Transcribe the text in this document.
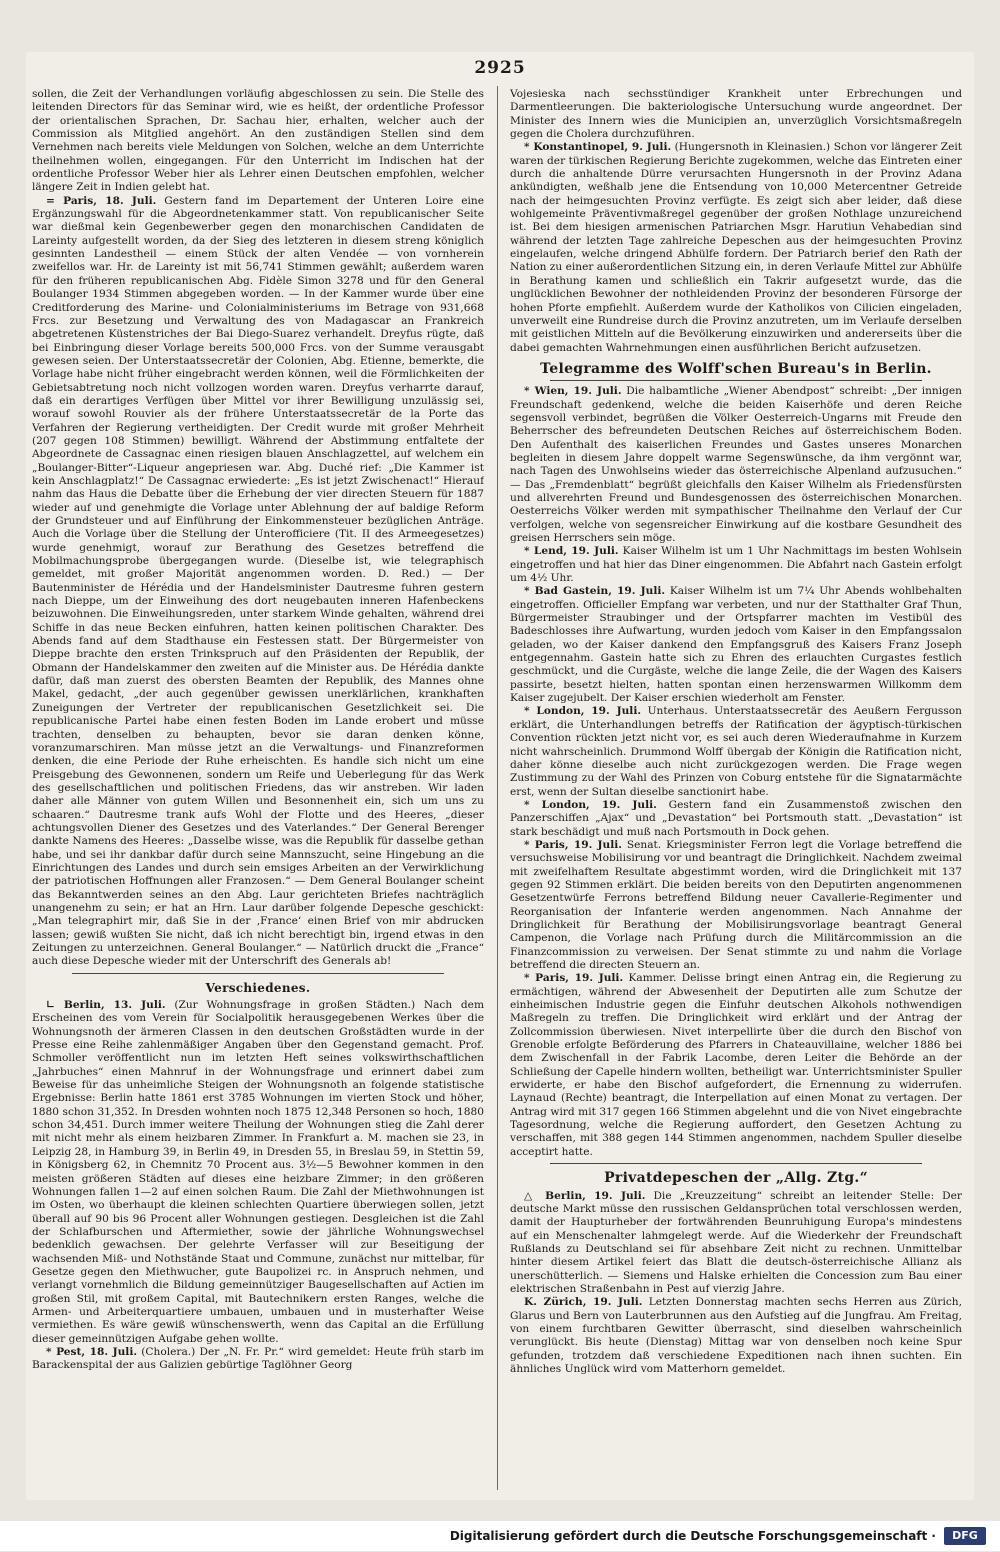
2925

sollen, die Zeit der Verhandlungen vorläufig abgeschlossen zu sein. Die Stelle des leitenden Directors für das Seminar wird, wie es heißt, der ordentliche Professor der orientalischen Sprachen, Dr. Sachau hier, erhalten, welcher auch der Commission als Mitglied angehört. An den zuständigen Stellen sind dem Vernehmen nach bereits viele Meldungen von Solchen, welche an dem Unterrichte theilnehmen wollen, eingegangen. Für den Unterricht im Indischen hat der ordentliche Professor Weber hier als Lehrer einen Deutschen empfohlen, welcher längere Zeit in Indien gelebt hat.

= Paris, 18. Juli. Gestern fand im Departement der Unteren Loire eine Ergänzungswahl für die Abgeordnetenkammer statt. Von republicanischer Seite war dießmal kein Gegenbewerber gegen den monarchischen Candidaten de Lareinty aufgestellt worden, da der Sieg des letzteren in diesem streng königlich gesinnten Landestheil — einem Stück der alten Vendée — von vornherein zweifellos war. Hr. de Lareinty ist mit 56,741 Stimmen gewählt; außerdem waren für den früheren republicanischen Abg. Fidèle Simon 3278 und für den General Boulanger 1934 Stimmen abgegeben worden. — In der Kammer wurde über eine Creditforderung des Marine- und Colonialministeriums im Betrage von 931,668 Frcs. zur Besetzung und Verwaltung des von Madagascar an Frankreich abgetretenen Küstenstriches der Bai Diego-Suarez verhandelt. Dreyfus rügte, daß bei Einbringung dieser Vorlage bereits 500,000 Frcs. von der Summe verausgabt gewesen seien. Der Unterstaatssecretär der Colonien, Abg. Etienne, bemerkte, die Vorlage habe nicht früher eingebracht werden können, weil die Förmlichkeiten der Gebietsabtretung noch nicht vollzogen worden waren. Dreyfus verharrte darauf, daß ein derartiges Verfügen über Mittel vor ihrer Bewilligung unzulässig sei, worauf sowohl Rouvier als der frühere Unterstaatssecretär de la Porte das Verfahren der Regierung vertheidigten. Der Credit wurde mit großer Mehrheit (207 gegen 108 Stimmen) bewilligt. Während der Abstimmung entfaltete der Abgeordnete de Cassagnac einen riesigen blauen Anschlagzettel, auf welchem ein „Boulanger-Bitter“-Liqueur angepriesen war. Abg. Duché rief: „Die Kammer ist kein Anschlagplatz!“ De Cassagnac erwiederte: „Es ist jetzt Zwischenact!“ Hierauf nahm das Haus die Debatte über die Erhebung der vier directen Steuern für 1887 wieder auf und genehmigte die Vorlage unter Ablehnung der auf baldige Reform der Grundsteuer und auf Einführung der Einkommensteuer bezüglichen Anträge. Auch die Vorlage über die Stellung der Unterofficiere (Tit. II des Armeegesetzes) wurde genehmigt, worauf zur Berathung des Gesetzes betreffend die Mobilmachungsprobe übergegangen wurde. (Dieselbe ist, wie telegraphisch gemeldet, mit großer Majorität angenommen worden. D. Red.) — Der Bautenminister de Hérédia und der Handelsminister Dautresme fuhren gestern nach Dieppe, um der Einweihung des dort neugebauten inneren Hafenbeckens beizuwohnen. Die Einweihungsreden, unter starkem Winde gehalten, während drei Schiffe in das neue Becken einfuhren, hatten keinen politischen Charakter. Des Abends fand auf dem Stadthause ein Festessen statt. Der Bürgermeister von Dieppe brachte den ersten Trinkspruch auf den Präsidenten der Republik, der Obmann der Handelskammer den zweiten auf die Minister aus. De Hérédia dankte dafür, daß man zuerst des obersten Beamten der Republik, des Mannes ohne Makel, gedacht, „der auch gegenüber gewissen unerklärlichen, krankhaften Zuneigungen der Vertreter der republicanischen Gesetzlichkeit sei. Die republicanische Partei habe einen festen Boden im Lande erobert und müsse trachten, denselben zu behaupten, bevor sie daran denken könne, voranzumarschiren. Man müsse jetzt an die Verwaltungs- und Finanzreformen denken, die eine Periode der Ruhe erheischten. Es handle sich nicht um eine Preisgebung des Gewonnenen, sondern um Reife und Ueberlegung für das Werk des gesellschaftlichen und politischen Friedens, das wir anstreben. Wir laden daher alle Männer von gutem Willen und Besonnenheit ein, sich um uns zu schaaren.“ Dautresme trank aufs Wohl der Flotte und des Heeres, „dieser achtungsvollen Diener des Gesetzes und des Vaterlandes.“ Der General Berenger dankte Namens des Heeres: „Dasselbe wisse, was die Republik für dasselbe gethan habe, und sei ihr dankbar dafür durch seine Mannszucht, seine Hingebung an die Einrichtungen des Landes und durch sein emsiges Arbeiten an der Verwirklichung der patriotischen Hoffnungen aller Franzosen.“ — Dem General Boulanger scheint das Bekanntwerden seines an den Abg. Laur gerichteten Briefes nachträglich unangenehm zu sein; er hat an Hrn. Laur darüber folgende Depesche geschickt: „Man telegraphirt mir, daß Sie in der ‚France‘ einen Brief von mir abdrucken lassen; gewiß wußten Sie nicht, daß ich nicht berechtigt bin, irgend etwas in den Zeitungen zu unterzeichnen. General Boulanger.“ — Natürlich druckt die „France“ auch diese Depesche wieder mit der Unterschrift des Generals ab!

Verschiedenes.

∟ Berlin, 13. Juli. (Zur Wohnungsfrage in großen Städten.) Nach dem Erscheinen des vom Verein für Socialpolitik herausgegebenen Werkes über die Wohnungsnoth der ärmeren Classen in den deutschen Großstädten wurde in der Presse eine Reihe zahlenmäßiger Angaben über den Gegenstand gemacht. Prof. Schmoller veröffentlicht nun im letzten Heft seines volkswirthschaftlichen „Jahrbuches“ einen Mahnruf in der Wohnungsfrage und erinnert dabei zum Beweise für das unheimliche Steigen der Wohnungsnoth an folgende statistische Ergebnisse: Berlin hatte 1861 erst 3785 Wohnungen im vierten Stock und höher, 1880 schon 31,352. In Dresden wohnten noch 1875 12,348 Personen so hoch, 1880 schon 34,451. Durch immer weitere Theilung der Wohnungen stieg die Zahl derer mit nicht mehr als einem heizbaren Zimmer. In Frankfurt a. M. machen sie 23, in Leipzig 28, in Hamburg 39, in Berlin 49, in Dresden 55, in Breslau 59, in Stettin 59, in Königsberg 62, in Chemnitz 70 Procent aus. 3½—5 Bewohner kommen in den meisten größeren Städten auf dieses eine heizbare Zimmer; in den größeren Wohnungen fallen 1—2 auf einen solchen Raum. Die Zahl der Miethwohnungen ist im Osten, wo überhaupt die kleinen schlechten Quartiere überwiegen sollen, jetzt überall auf 90 bis 96 Procent aller Wohnungen gestiegen. Desgleichen ist die Zahl der Schlafburschen und Aftermiether, sowie der jährliche Wohnungswechsel bedenklich gewachsen. Der gelehrte Verfasser will zur Beseitigung der wachsenden Miß- und Nothstände Staat und Commune, zunächst nur mittelbar, für Gesetze gegen den Miethwucher, gute Baupolizei rc. in Anspruch nehmen, und verlangt vornehmlich die Bildung gemeinnütziger Baugesellschaften auf Actien im großen Stil, mit großem Capital, mit Bautechnikern ersten Ranges, welche die Armen- und Arbeiterquartiere umbauen, umbauen und in musterhafter Weise vermiethen. Es wäre gewiß wünschenswerth, wenn das Capital an die Erfüllung dieser gemeinnützigen Aufgabe gehen wollte.

* Pest, 18. Juli. (Cholera.) Der „N. Fr. Pr.“ wird gemeldet: Heute früh starb im Barackenspital der aus Galizien gebürtige Taglöhner Georg

Vojesieska nach sechsstündiger Krankheit unter Erbrechungen und Darmentleerungen. Die bakteriologische Untersuchung wurde angeordnet. Der Minister des Innern wies die Municipien an, unverzüglich Vorsichtsmaßregeln gegen die Cholera durchzuführen.

* Konstantinopel, 9. Juli. (Hungersnoth in Kleinasien.) Schon vor längerer Zeit waren der türkischen Regierung Berichte zugekommen, welche das Eintreten einer durch die anhaltende Dürre verursachten Hungersnoth in der Provinz Adana ankündigten, weßhalb jene die Entsendung von 10,000 Metercentner Getreide nach der heimgesuchten Provinz verfügte. Es zeigt sich aber leider, daß diese wohlgemeinte Präventivmaßregel gegenüber der großen Nothlage unzureichend ist. Bei dem hiesigen armenischen Patriarchen Msgr. Harutiun Vehabedian sind während der letzten Tage zahlreiche Depeschen aus der heimgesuchten Provinz eingelaufen, welche dringend Abhülfe fordern. Der Patriarch berief den Rath der Nation zu einer außerordentlichen Sitzung ein, in deren Verlaufe Mittel zur Abhülfe in Berathung kamen und schließlich ein Takrir aufgesetzt wurde, das die unglücklichen Bewohner der nothleidenden Provinz der besonderen Fürsorge der hohen Pforte empfiehlt. Außerdem wurde der Katholikos von Cilicien eingeladen, unverweilt eine Rundreise durch die Provinz anzutreten, um im Verlaufe derselben mit geistlichen Mitteln auf die Bevölkerung einzuwirken und andererseits über die dabei gemachten Wahrnehmungen einen ausführlichen Bericht aufzusetzen.

Telegramme des Wolff'schen Bureau's in Berlin.

* Wien, 19. Juli. Die halbamtliche „Wiener Abendpost“ schreibt: „Der innigen Freundschaft gedenkend, welche die beiden Kaiserhöfe und deren Reiche segensvoll verbindet, begrüßen die Völker Oesterreich-Ungarns mit Freude den Beherrscher des befreundeten Deutschen Reiches auf österreichischem Boden. Den Aufenthalt des kaiserlichen Freundes und Gastes unseres Monarchen begleiten in diesem Jahre doppelt warme Segenswünsche, da ihm vergönnt war, nach Tagen des Unwohlseins wieder das österreichische Alpenland aufzusuchen.“ — Das „Fremdenblatt“ begrüßt gleichfalls den Kaiser Wilhelm als Friedensfürsten und allverehrten Freund und Bundesgenossen des österreichischen Monarchen. Oesterreichs Völker werden mit sympathischer Theilnahme den Verlauf der Cur verfolgen, welche von segensreicher Einwirkung auf die kostbare Gesundheit des greisen Herrschers sein möge.

* Lend, 19. Juli. Kaiser Wilhelm ist um 1 Uhr Nachmittags im besten Wohlsein eingetroffen und hat hier das Diner eingenommen. Die Abfahrt nach Gastein erfolgt um 4½ Uhr.

* Bad Gastein, 19. Juli. Kaiser Wilhelm ist um 7¼ Uhr Abends wohlbehalten eingetroffen. Officieller Empfang war verbeten, und nur der Statthalter Graf Thun, Bürgermeister Straubinger und der Ortspfarrer machten im Vestibül des Badeschlosses ihre Aufwartung, wurden jedoch vom Kaiser in den Empfangssalon geladen, wo der Kaiser dankend den Empfangsgruß des Kaisers Franz Joseph entgegennahm. Gastein hatte sich zu Ehren des erlauchten Curgastes festlich geschmückt, und die Curgäste, welche die lange Zeile, die der Wagen des Kaisers passirte, besetzt hielten, hatten spontan einen herzenswarmen Willkomm dem Kaiser zugejubelt. Der Kaiser erschien wiederholt am Fenster.

* London, 19. Juli. Unterhaus. Unterstaatssecretär des Aeußern Fergusson erklärt, die Unterhandlungen betreffs der Ratification der ägyptisch-türkischen Convention rückten jetzt nicht vor, es sei auch deren Wiederaufnahme in Kurzem nicht wahrscheinlich. Drummond Wolff übergab der Königin die Ratification nicht, daher könne dieselbe auch nicht zurückgezogen werden. Die Frage wegen Zustimmung zu der Wahl des Prinzen von Coburg entstehe für die Signatarmächte erst, wenn der Sultan dieselbe sanctionirt habe.

* London, 19. Juli. Gestern fand ein Zusammenstoß zwischen den Panzerschiffen „Ajax“ und „Devastation“ bei Portsmouth statt. „Devastation“ ist stark beschädigt und muß nach Portsmouth in Dock gehen.

* Paris, 19. Juli. Senat. Kriegsminister Ferron legt die Vorlage betreffend die versuchsweise Mobilisirung vor und beantragt die Dringlichkeit. Nachdem zweimal mit zweifelhaftem Resultate abgestimmt worden, wird die Dringlichkeit mit 137 gegen 92 Stimmen erklärt. Die beiden bereits von den Deputirten angenommenen Gesetzentwürfe Ferrons betreffend Bildung neuer Cavallerie-Regimenter und Reorganisation der Infanterie werden angenommen. Nach Annahme der Dringlichkeit für Berathung der Mobilisirungsvorlage beantragt General Campenon, die Vorlage nach Prüfung durch die Militärcommission an die Finanzcommission zu verweisen. Der Senat stimmte zu und nahm die Vorlage betreffend die directen Steuern an.

* Paris, 19. Juli. Kammer. Delisse bringt einen Antrag ein, die Regierung zu ermächtigen, während der Abwesenheit der Deputirten alle zum Schutze der einheimischen Industrie gegen die Einfuhr deutschen Alkohols nothwendigen Maßregeln zu treffen. Die Dringlichkeit wird erklärt und der Antrag der Zollcommission überwiesen. Nivet interpellirte über die durch den Bischof von Grenoble erfolgte Beförderung des Pfarrers in Chateauvillaine, welcher 1886 bei dem Zwischenfall in der Fabrik Lacombe, deren Leiter die Behörde an der Schließung der Capelle hindern wollten, betheiligt war. Unterrichtsminister Spuller erwiderte, er habe den Bischof aufgefordert, die Ernennung zu widerrufen. Laynaud (Rechte) beantragt, die Interpellation auf einen Monat zu vertagen. Der Antrag wird mit 317 gegen 166 Stimmen abgelehnt und die von Nivet eingebrachte Tagesordnung, welche die Regierung auffordert, den Gesetzen Achtung zu verschaffen, mit 388 gegen 144 Stimmen angenommen, nachdem Spuller dieselbe acceptirt hatte.

Privatdepeschen der „Allg. Ztg.“

△ Berlin, 19. Juli. Die „Kreuzzeitung“ schreibt an leitender Stelle: Der deutsche Markt müsse den russischen Geldansprüchen total verschlossen werden, damit der Haupturheber der fortwährenden Beunruhigung Europa's mindestens auf ein Menschenalter lahmgelegt werde. Auf die Wiederkehr der Freundschaft Rußlands zu Deutschland sei für absehbare Zeit nicht zu rechnen. Unmittelbar hinter diesem Artikel feiert das Blatt die deutsch-österreichische Allianz als unerschütterlich. — Siemens und Halske erhielten die Concession zum Bau einer elektrischen Straßenbahn in Pest auf vierzig Jahre.

K. Zürich, 19. Juli. Letzten Donnerstag machten sechs Herren aus Zürich, Glarus und Bern von Lauterbrunnen aus den Aufstieg auf die Jungfrau. Am Freitag, von einem furchtbaren Gewitter überrascht, sind dieselben wahrscheinlich verunglückt. Bis heute (Dienstag) Mittag war von denselben noch keine Spur gefunden, trotzdem daß verschiedene Expeditionen nach ihnen suchten. Ein ähnliches Unglück wird vom Matterhorn gemeldet.

Digitalisierung gefördert durch die Deutsche Forschungsgemeinschaft ·	DFG
